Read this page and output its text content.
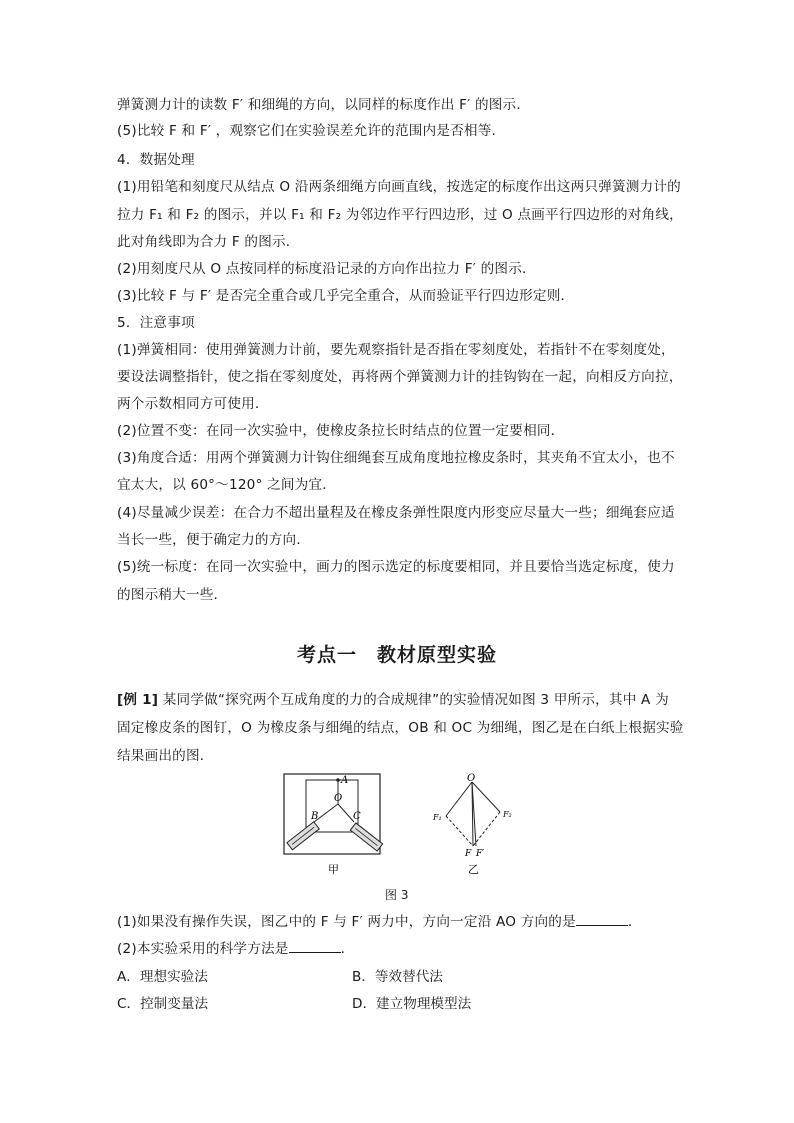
弹簧测力计的读数 F′ 和细绳的方向，以同样的标度作出 F′ 的图示．
(5)比较 F 和 F′ ，观察它们在实验误差允许的范围内是否相等．
4．数据处理
(1)用铅笔和刻度尺从结点 O 沿两条细绳方向画直线，按选定的标度作出这两只弹簧测力计的
拉力 F₁ 和 F₂ 的图示，并以 F₁ 和 F₂ 为邻边作平行四边形，过 O 点画平行四边形的对角线，
此对角线即为合力 F 的图示．
(2)用刻度尺从 O 点按同样的标度沿记录的方向作出拉力 F′ 的图示．
(3)比较 F 与 F′ 是否完全重合或几乎完全重合，从而验证平行四边形定则．
5．注意事项
(1)弹簧相同：使用弹簧测力计前，要先观察指针是否指在零刻度处，若指针不在零刻度处，
要设法调整指针，使之指在零刻度处，再将两个弹簧测力计的挂钩钩在一起，向相反方向拉，
两个示数相同方可使用．
(2)位置不变：在同一次实验中，使橡皮条拉长时结点的位置一定要相同．
(3)角度合适：用两个弹簧测力计钩住细绳套互成角度地拉橡皮条时，其夹角不宜太小，也不
宜太大，以 60°～120° 之间为宜．
(4)尽量减少误差：在合力不超出量程及在橡皮条弹性限度内形变应尽量大一些；细绳套应适
当长一些，便于确定力的方向．
(5)统一标度：在同一次实验中，画力的图示选定的标度要相同，并且要恰当选定标度，使力
的图示稍大一些．
考点一　教材原型实验
[例 1] 某同学做“探究两个互成角度的力的合成规律”的实验情况如图 3 甲所示，其中 A 为
固定橡皮条的图钉，O 为橡皮条与细绳的结点，OB 和 OC 为细绳，图乙是在白纸上根据实验
结果画出的图．
A
O
B	C
O
F₁	F₂
F F′
甲	乙
图 3
(1)如果没有操作失误，图乙中的 F 与 F′ 两力中，方向一定沿 AO 方向的是	．
(2)本实验采用的科学方法是	．
A．理想实验法	B．等效替代法
C．控制变量法	D．建立物理模型法
